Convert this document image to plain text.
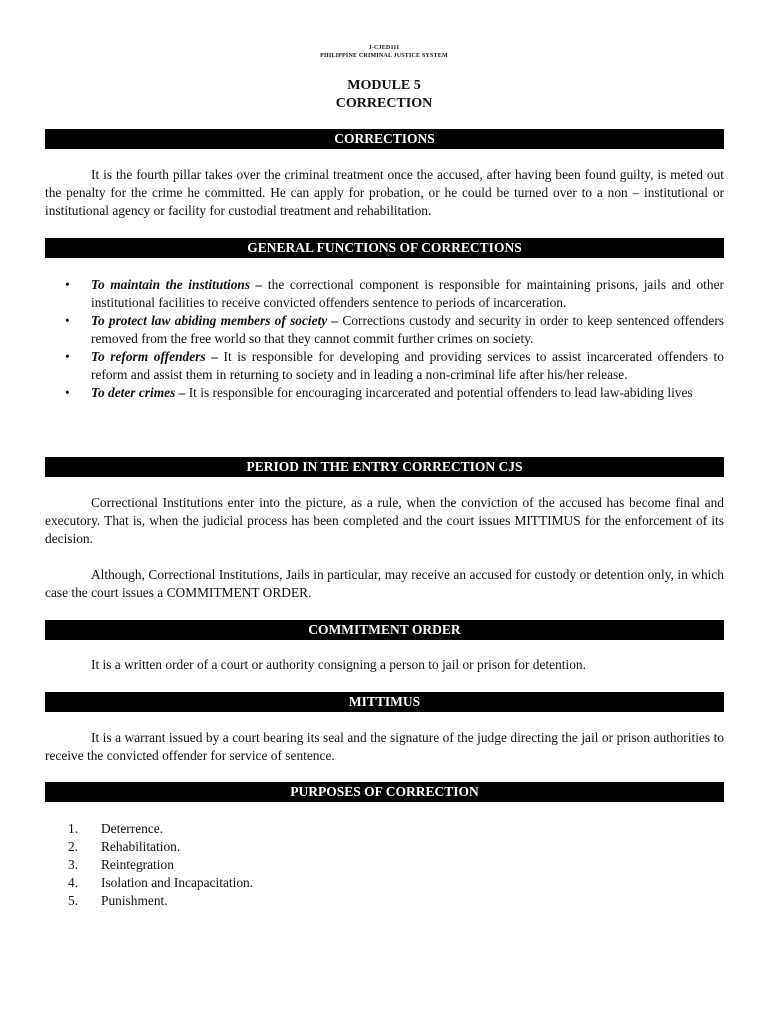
J-CJED111
PHILIPPINE CRIMINAL JUSTICE SYSTEM
MODULE 5
CORRECTION
CORRECTIONS

It is the fourth pillar takes over the criminal treatment once the accused, after having been found guilty, is meted out the penalty for the crime he committed. He can apply for probation, or he could be turned over to a non – institutional or institutional agency or facility for custodial treatment and rehabilitation.

GENERAL FUNCTIONS OF CORRECTIONS
• To maintain the institutions – the correctional component is responsible for maintaining prisons, jails and other institutional facilities to receive convicted offenders sentence to periods of incarceration.
• To protect law abiding members of society – Corrections custody and security in order to keep sentenced offenders removed from the free world so that they cannot commit further crimes on society.
• To reform offenders – It is responsible for developing and providing services to assist incarcerated offenders to reform and assist them in returning to society and in leading a non-criminal life after his/her release.
• To deter crimes – It is responsible for encouraging incarcerated and potential offenders to lead law-abiding lives
PERIOD IN THE ENTRY CORRECTION CJS

Correctional Institutions enter into the picture, as a rule, when the conviction of the accused has become final and executory. That is, when the judicial process has been completed and the court issues MITTIMUS for the enforcement of its decision.

Although, Correctional Institutions, Jails in particular, may receive an accused for custody or detention only, in which case the court issues a COMMITMENT ORDER.

COMMITMENT ORDER

It is a written order of a court or authority consigning a person to jail or prison for detention.

MITTIMUS

It is a warrant issued by a court bearing its seal and the signature of the judge directing the jail or prison authorities to receive the convicted offender for service of sentence.

PURPOSES OF CORRECTION
1. Deterrence.
2. Rehabilitation.
3. Reintegration
4. Isolation and Incapacitation.
5. Punishment.
